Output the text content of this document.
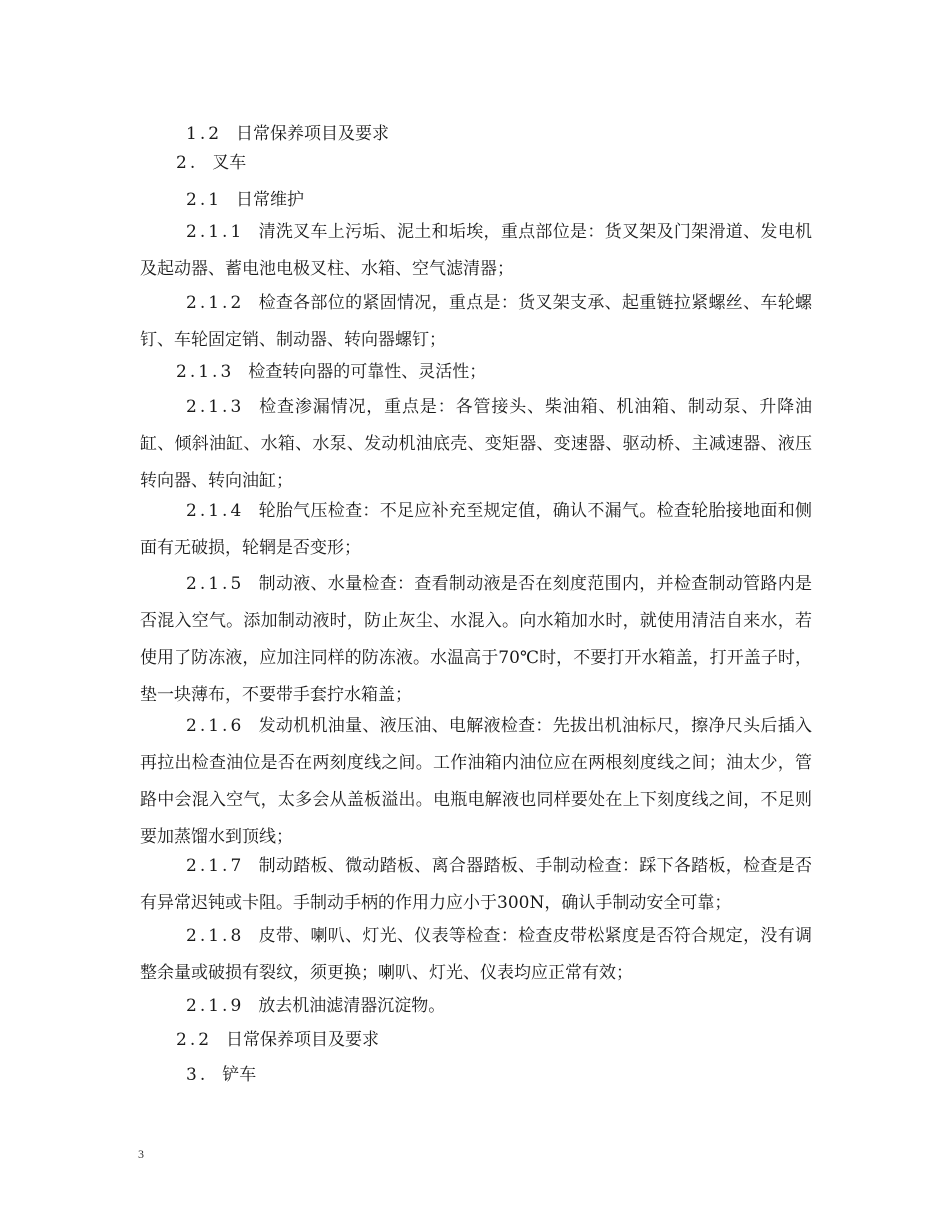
1.2 日常保养项目及要求

2. 叉车

2.1 日常维护

2.1.1 清洗叉车上污垢、泥土和垢埃，重点部位是：货叉架及门架滑道、发电机及起动器、蓄电池电极叉柱、水箱、空气滤清器；

2.1.2 检查各部位的紧固情况，重点是：货叉架支承、起重链拉紧螺丝、车轮螺钉、车轮固定销、制动器、转向器螺钉；

2.1.3 检查转向器的可靠性、灵活性；

2.1.3 检查渗漏情况，重点是：各管接头、柴油箱、机油箱、制动泵、升降油缸、倾斜油缸、水箱、水泵、发动机油底壳、变矩器、变速器、驱动桥、主减速器、液压转向器、转向油缸；

2.1.4 轮胎气压检查：不足应补充至规定值，确认不漏气。检查轮胎接地面和侧面有无破损，轮辋是否变形；

2.1.5 制动液、水量检查：查看制动液是否在刻度范围内，并检查制动管路内是否混入空气。添加制动液时，防止灰尘、水混入。向水箱加水时，就使用清洁自来水，若使用了防冻液，应加注同样的防冻液。水温高于70℃时，不要打开水箱盖，打开盖子时，垫一块薄布，不要带手套拧水箱盖；

2.1.6 发动机机油量、液压油、电解液检查：先拔出机油标尺，擦净尺头后插入再拉出检查油位是否在两刻度线之间。工作油箱内油位应在两根刻度线之间；油太少，管路中会混入空气，太多会从盖板溢出。电瓶电解液也同样要处在上下刻度线之间，不足则要加蒸馏水到顶线；

2.1.7 制动踏板、微动踏板、离合器踏板、手制动检查：踩下各踏板，检查是否有异常迟钝或卡阻。手制动手柄的作用力应小于300N，确认手制动安全可靠；

2.1.8 皮带、喇叭、灯光、仪表等检查：检查皮带松紧度是否符合规定，没有调整余量或破损有裂纹，须更换；喇叭、灯光、仪表均应正常有效；

2.1.9 放去机油滤清器沉淀物。

2.2 日常保养项目及要求

3. 铲车

3
